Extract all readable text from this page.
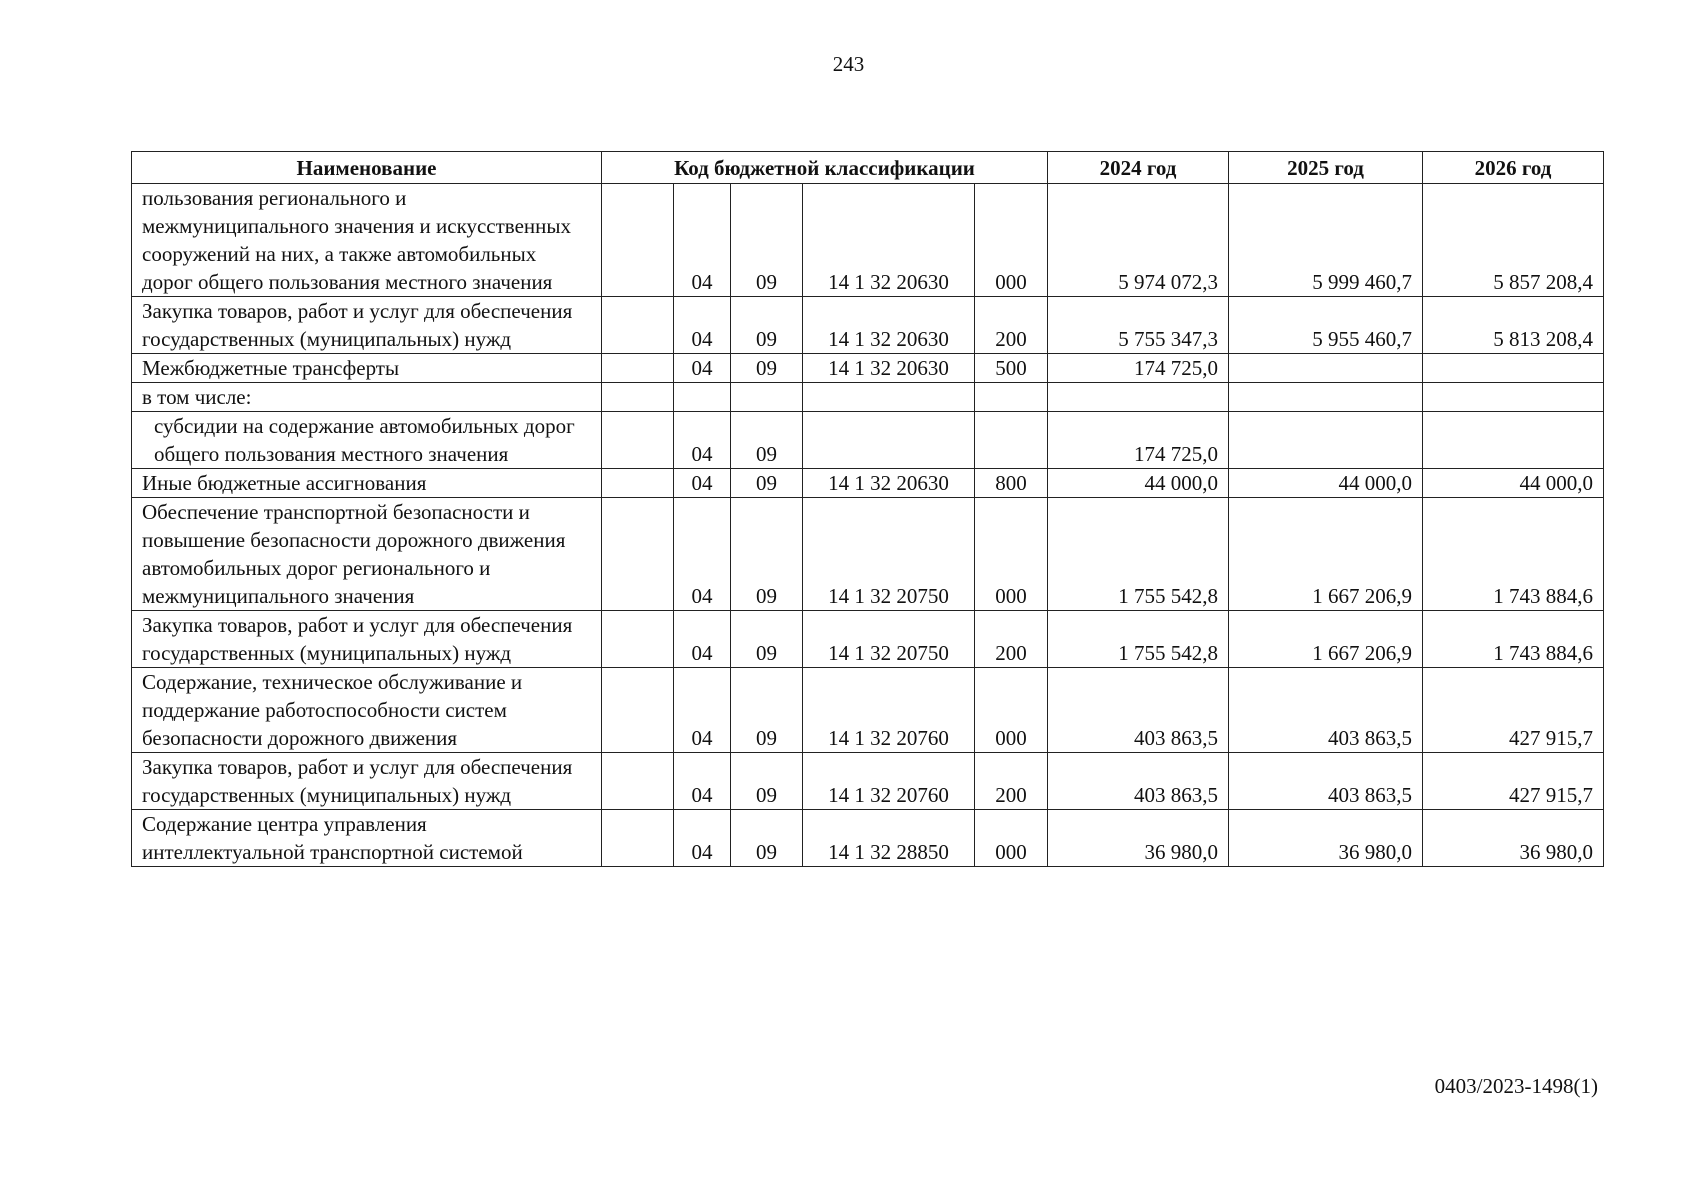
243
Наименование	Код бюджетной классификации					2024 год	2025 год	2026 год
пользования регионального и межмуниципального значения и искусственных сооружений на них, а также автомобильных дорог общего пользования местного значения		04	09	14 1 32 20630	000	5 974 072,3	5 999 460,7	5 857 208,4
Закупка товаров, работ и услуг для обеспечения государственных (муниципальных) нужд		04	09	14 1 32 20630	200	5 755 347,3	5 955 460,7	5 813 208,4
Межбюджетные трансферты		04	09	14 1 32 20630	500	174 725,0		
в том числе:								

субсидии на содержание автомобильных дорог общего пользования местного значения		04	09			174 725,0		
Иные бюджетные ассигнования		04	09	14 1 32 20630	800	44 000,0	44 000,0	44 000,0
Обеспечение транспортной безопасности и повышение безопасности дорожного движения автомобильных дорог регионального и межмуниципального значения		04	09	14 1 32 20750	000	1 755 542,8	1 667 206,9	1 743 884,6
Закупка товаров, работ и услуг для обеспечения государственных (муниципальных) нужд		04	09	14 1 32 20750	200	1 755 542,8	1 667 206,9	1 743 884,6
Содержание, техническое обслуживание и поддержание работоспособности систем безопасности дорожного движения		04	09	14 1 32 20760	000	403 863,5	403 863,5	427 915,7
Закупка товаров, работ и услуг для обеспечения государственных (муниципальных) нужд		04	09	14 1 32 20760	200	403 863,5	403 863,5	427 915,7
Содержание центра управления интеллектуальной транспортной системой		04	09	14 1 32 28850	000	36 980,0	36 980,0	36 980,0
0403/2023-1498(1)
